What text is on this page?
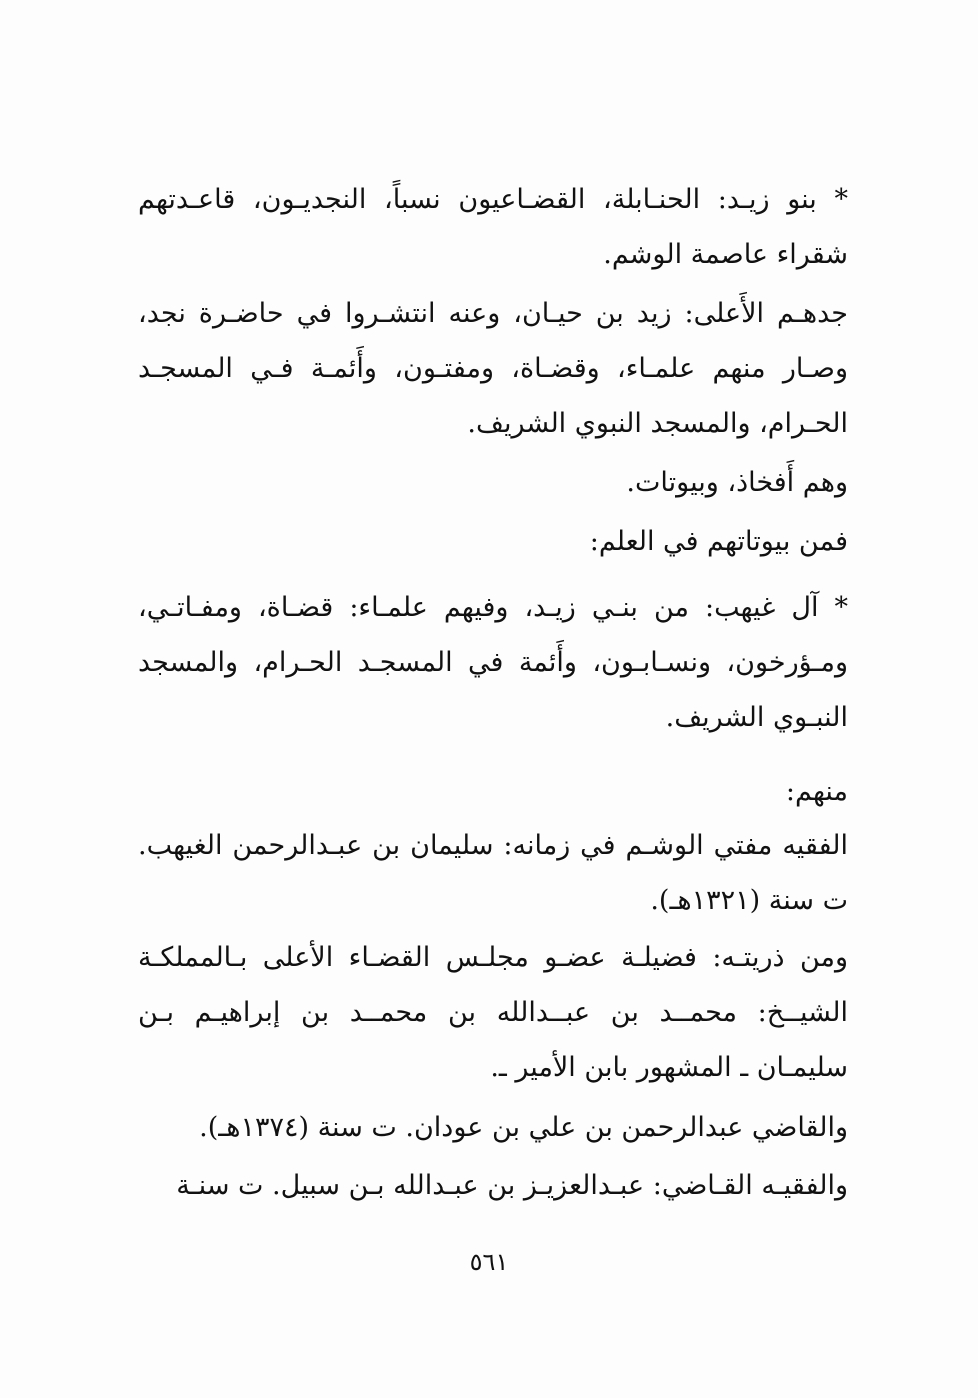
* بنو زيـد: الحنـابلة، القضـاعيون نسباً، النجديـون، قاعـدتهم شقراء عاصمة الوشم.

جدهـم الأَعلى: زيد بن حيـان، وعنه انتشـروا في حاضـرة نجد، وصـار منهم علمـاء، وقضـاة، ومفتـون، وأَئمـة فـي المسجـد الحـرام، والمسجد النبوي الشريف.

وهم أَفخاذ، وبيوتات.

فمن بيوتاتهم في العلم:

* آل غيهب: من بنـي زيـد، وفيهم علمـاء: قضـاة، ومفـاتـي، ومـؤرخون، ونسـابـون، وأَئمة في المسجـد الحـرام، والمسجد النبـوي الشريف.

منهم:

الفقيه مفتي الوشـم في زمانه: سليمان بن عبـدالرحمن الغيهب. ت سنة (١٣٢١هـ).

ومن ذريتـه: فضيلـة عضـو مجلـس القضـاء الأعلى بـالمملكـة الشيــخ: محمــد بن عبــدالله بن محمــد بن إبراهيـم بـن سليمـان ـ المشهور بابن الأمير ـ.

والقاضي عبدالرحمن بن علي بن عودان. ت سنة (١٣٧٤هـ).

والفقيـه القـاضي: عبـدالعزيـز بن عبـدالله بـن سبيل. ت سنـة

٥٦١
